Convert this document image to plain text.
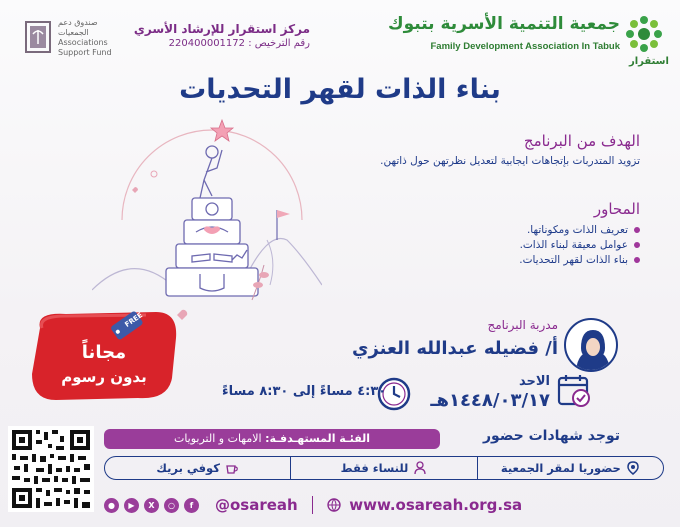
استقرار
جمعية التنمية الأسرية بتبوك
Family Development Association In Tabuk
مركز استقرار للإرشاد الأسري
رقم الترخيص : 220400001172
صندوق دعم
الجمعيات
Associations
Support Fund
بناء الذات لقهر التحديات
الهدف من البرنامج
تزويد المتدربات بإتجاهات ايجابية لتعديل نظرتهن حول ذاتهن.
المحاور
تعريف الذات ومكوناتها.
عوامل معيقة لبناء الذات.
بناء الذات لقهر التحديات.
مدربة البرنامج
أ/ فضيله عبدالله العنزي
الاحد
١٤٤٨/٠٣/١٧هـ
٤:٣٠ مساءً إلى ٨:٣٠ مساءً
FREE
مجاناً
بدون رسوم
توجد شهادات حضور
الفئـة المستهـدفـة: الامهات و التربويات
حضوريا لمقر الجمعية
للنساء فقط
كوفي بريك
●	▶	X	○	f	@osareah	www.osareah.org.sa
